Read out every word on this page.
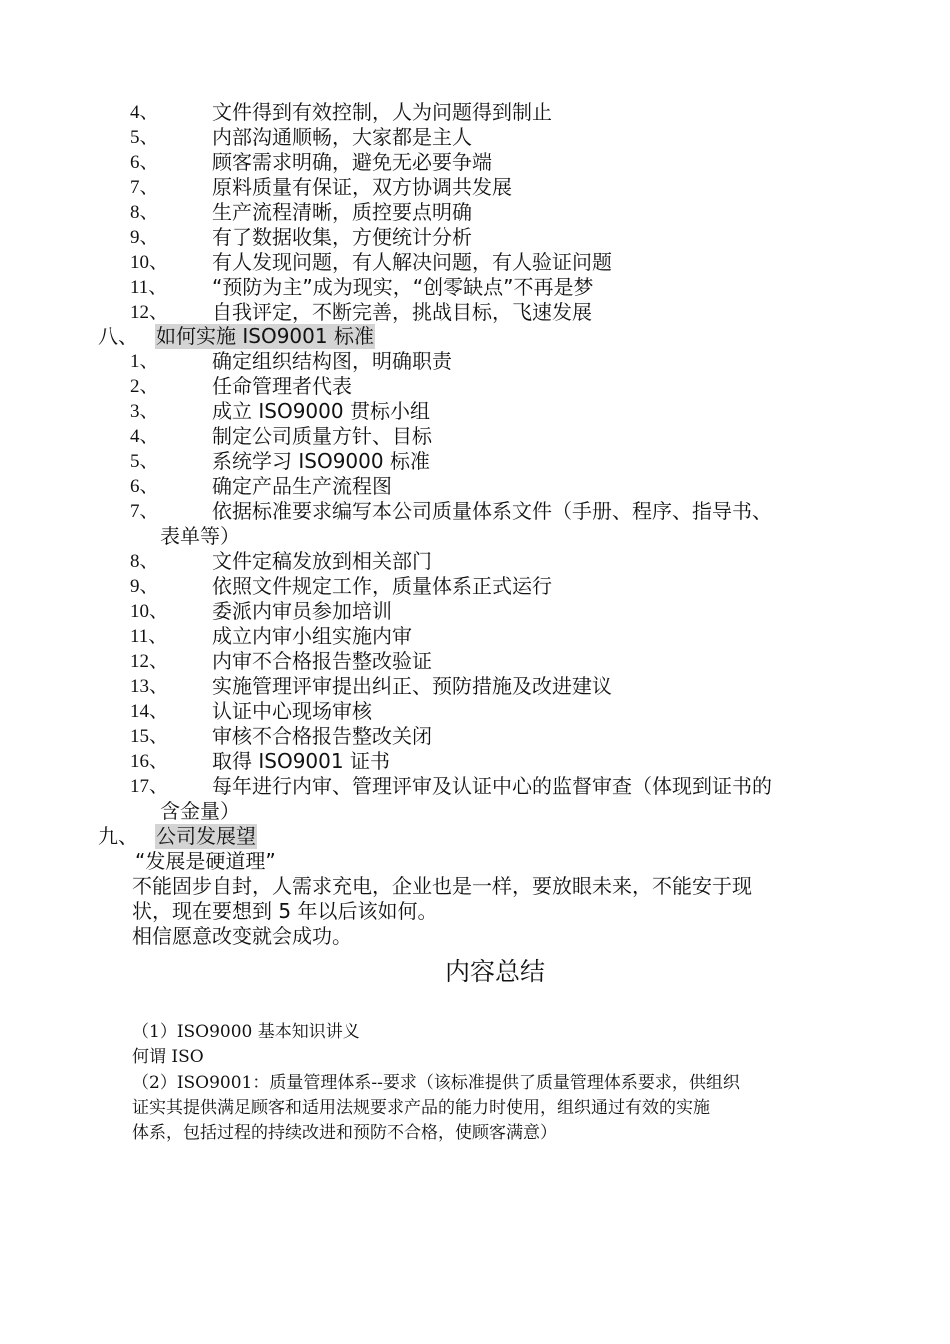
4、	文件得到有效控制，人为问题得到制止
5、	内部沟通顺畅，大家都是主人
6、	顾客需求明确，避免无必要争端
7、	原料质量有保证，双方协调共发展
8、	生产流程清晰，质控要点明确
9、	有了数据收集，方便统计分析
10、 有人发现问题，有人解决问题，有人验证问题
11、 “预防为主”成为现实，“创零缺点”不再是梦
12、 自我评定，不断完善，挑战目标，飞速发展
八、 如何实施 ISO9001 标准
1、	确定组织结构图，明确职责
2、	任命管理者代表
3、	成立 ISO9000 贯标小组
4、	制定公司质量方针、目标
5、	系统学习 ISO9000 标准
6、	确定产品生产流程图
7、	依据标准要求编写本公司质量体系文件（手册、程序、指导书、
表单等）
8、	文件定稿发放到相关部门
9、	依照文件规定工作，质量体系正式运行
10、 委派内审员参加培训
11、 成立内审小组实施内审
12、 内审不合格报告整改验证
13、 实施管理评审提出纠正、预防措施及改进建议
14、 认证中心现场审核
15、 审核不合格报告整改关闭
16、 取得 ISO9001 证书
17、 每年进行内审、管理评审及认证中心的监督审查（体现到证书的
含金量）
九、 公司发展望
“发展是硬道理”
不能固步自封，人需求充电，企业也是一样，要放眼未来，不能安于现
状，现在要想到 5 年以后该如何。
相信愿意改变就会成功。
内容总结
（1）ISO9000 基本知识讲义
何谓 ISO
（2）ISO9001：质量管理体系--要求（该标准提供了质量管理体系要求，供组织
证实其提供满足顾客和适用法规要求产品的能力时使用，组织通过有效的实施
体系，包括过程的持续改进和预防不合格，使顾客满意）
